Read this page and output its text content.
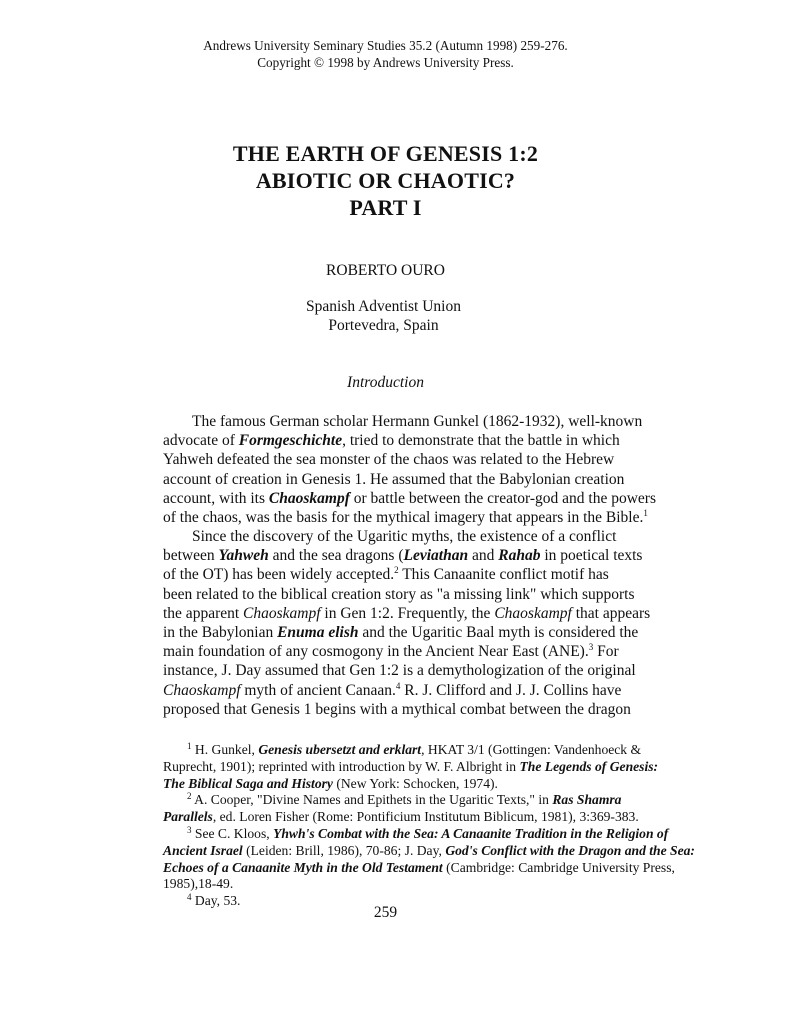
Andrews University Seminary Studies 35.2 (Autumn 1998) 259-276.
Copyright © 1998 by Andrews University Press.
THE EARTH OF GENESIS 1:2
ABIOTIC OR CHAOTIC?
PART I
ROBERTO OURO
Spanish Adventist Union
Portevedra, Spain
Introduction

The famous German scholar Hermann Gunkel (1862-1932), well-known

advocate of Formgeschichte, tried to demonstrate that the battle in which

Yahweh defeated the sea monster of the chaos was related to the Hebrew

account of creation in Genesis 1. He assumed that the Babylonian creation

account, with its Chaoskampf or battle between the creator-god and the powers

of the chaos, was the basis for the mythical imagery that appears in the Bible.$^1$

Since the discovery of the Ugaritic myths, the existence of a conflict

between Yahweh and the sea dragons (Leviathan and Rahab in poetical texts

of the OT) has been widely accepted.$^2$ This Canaanite conflict motif has

been related to the biblical creation story as "a missing link" which supports

the apparent Chaoskampf in Gen 1:2. Frequently, the Chaoskampf that appears

in the Babylonian Enuma elish and the Ugaritic Baal myth is considered the

main foundation of any cosmogony in the Ancient Near East (ANE).$^3$ For

instance, J. Day assumed that Gen 1:2 is a demythologization of the original

Chaoskampf myth of ancient Canaan.$^4$ R. J. Clifford and J. J. Collins have

proposed that Genesis 1 begins with a mythical combat between the dragon

$^1$ H. Gunkel, Genesis ubersetzt and erklart, HKAT 3/1 (Gottingen: Vandenhoeck &

Ruprecht, 1901); reprinted with introduction by W. F. Albright in The Legends of Genesis:

The Biblical Saga and History (New York: Schocken, 1974).

$^2$ A. Cooper, "Divine Names and Epithets in the Ugaritic Texts," in Ras Shamra

Parallels, ed. Loren Fisher (Rome: Pontificium Institutum Biblicum, 1981), 3:369-383.

$^3$ See C. Kloos, Yhwh's Combat with the Sea: A Canaanite Tradition in the Religion of

Ancient Israel (Leiden: Brill, 1986), 70-86; J. Day, God's Conflict with the Dragon and the Sea:

Echoes of a Canaanite Myth in the Old Testament (Cambridge: Cambridge University Press,

1985),18-49.

$^4$ Day, 53.

259
